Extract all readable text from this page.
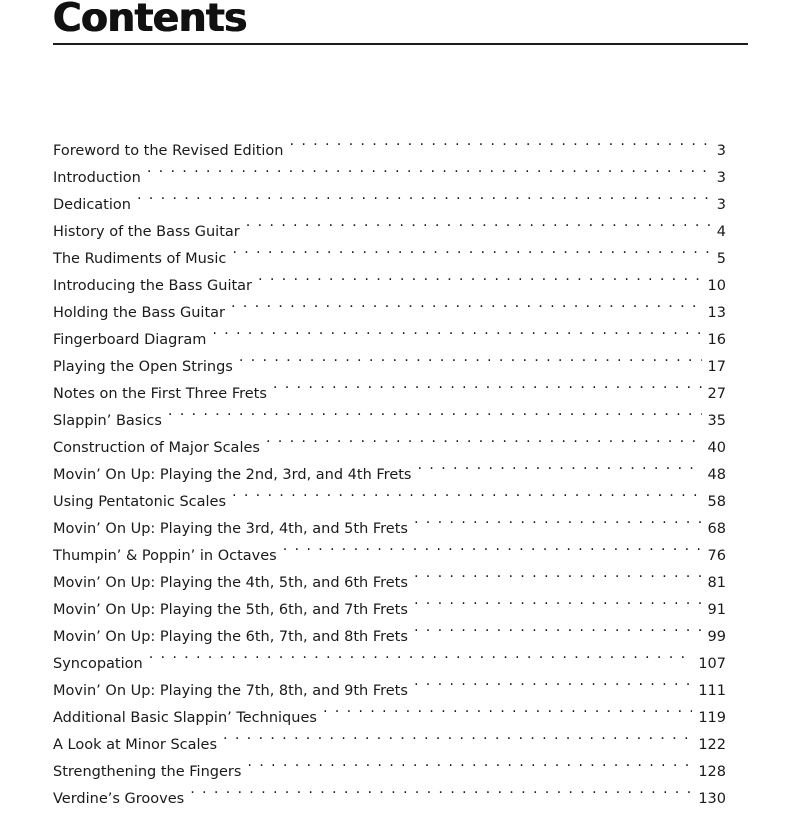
Contents
Foreword to the Revised Edition . . .	3
Introduction . . .	3
Dedication . . .	3
History of the Bass Guitar . . .	4
The Rudiments of Music . . .	5
Introducing the Bass Guitar . . .	10
Holding the Bass Guitar . . .	13
Fingerboard Diagram . . .	16
Playing the Open Strings . . .	17
Notes on the First Three Frets . . .	27
Slappin’ Basics . . .	35
Construction of Major Scales . . .	40
Movin’ On Up: Playing the 2nd, 3rd, and 4th Frets . . .	48
Using Pentatonic Scales . . .	58
Movin’ On Up: Playing the 3rd, 4th, and 5th Frets . . .	68
Thumpin’ & Poppin’ in Octaves . . .	76
Movin’ On Up: Playing the 4th, 5th, and 6th Frets . . .	81
Movin’ On Up: Playing the 5th, 6th, and 7th Frets . . .	91
Movin’ On Up: Playing the 6th, 7th, and 8th Frets . . .	99
Syncopation . . .	107
Movin’ On Up: Playing the 7th, 8th, and 9th Frets . . .	111
Additional Basic Slappin’ Techniques . . .	119
A Look at Minor Scales . . .	122
Strengthening the Fingers . . .	128
Verdine’s Grooves . . .	130
